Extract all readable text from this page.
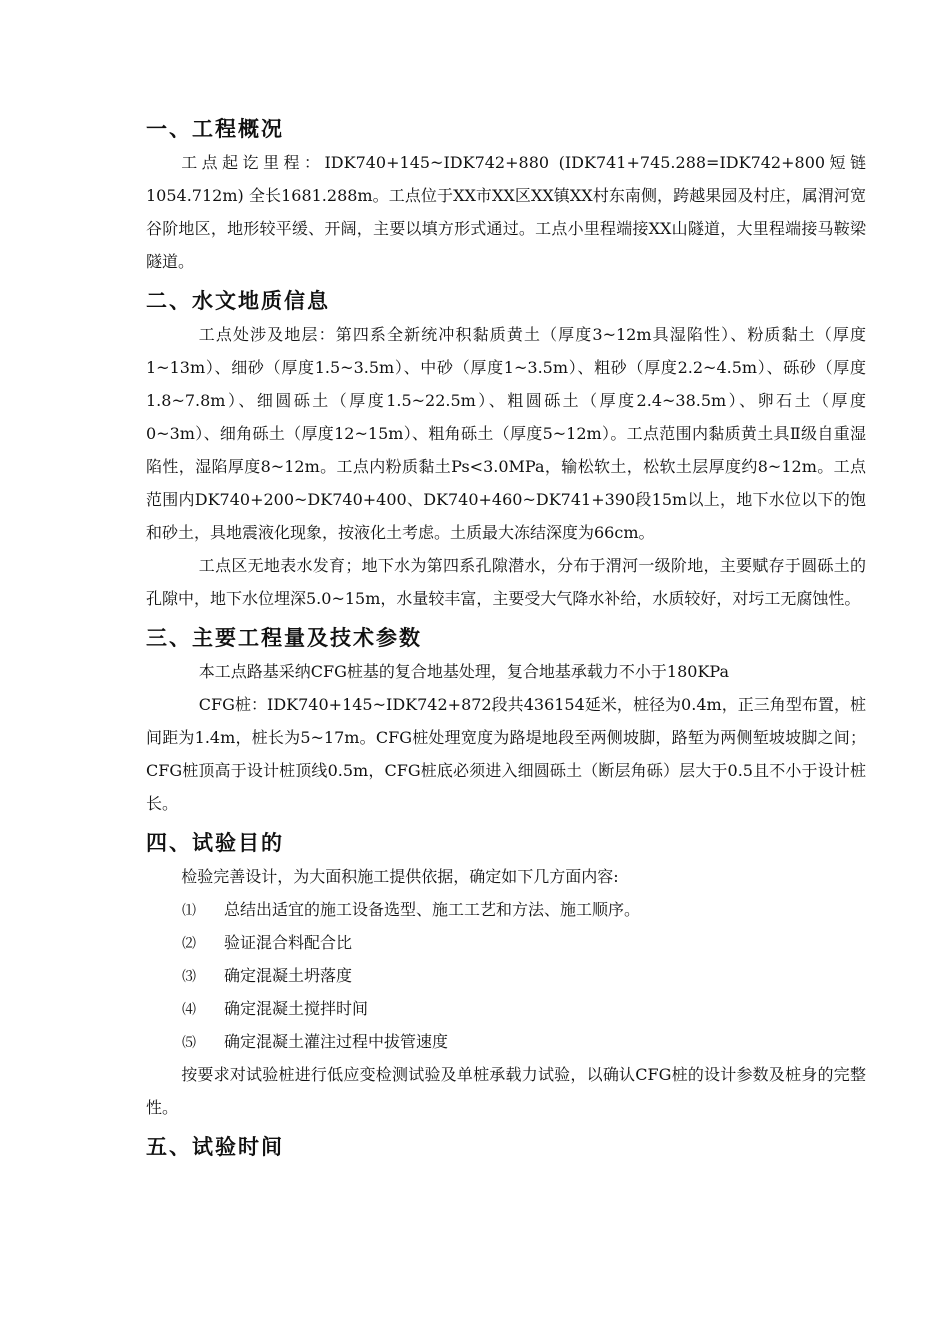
一、工程概况

工点起讫里程：IDK740+145~IDK742+880 (IDK741+745.288=IDK742+800短链1054.712m) 全长1681.288m。工点位于XX市XX区XX镇XX村东南侧，跨越果园及村庄，属渭河宽谷阶地区，地形较平缓、开阔，主要以填方形式通过。工点小里程端接XX山隧道，大里程端接马鞍梁隧道。

二、水文地质信息

工点处涉及地层：第四系全新统冲积黏质黄土（厚度3~12m具湿陷性）、粉质黏土（厚度1~13m）、细砂（厚度1.5~3.5m）、中砂（厚度1~3.5m）、粗砂（厚度2.2~4.5m）、砾砂（厚度1.8~7.8m）、细圆砾土（厚度1.5~22.5m）、粗圆砾土（厚度2.4~38.5m）、卵石土（厚度0~3m）、细角砾土（厚度12~15m）、粗角砾土（厚度5~12m）。工点范围内黏质黄土具Ⅱ级自重湿陷性，湿陷厚度8~12m。工点内粉质黏土Ps<3.0MPa，输松软土，松软土层厚度约8~12m。工点范围内DK740+200~DK740+400、DK740+460~DK741+390段15m以上，地下水位以下的饱和砂土，具地震液化现象，按液化土考虑。土质最大冻结深度为66cm。

工点区无地表水发育；地下水为第四系孔隙潜水，分布于渭河一级阶地，主要赋存于圆砾土的孔隙中，地下水位埋深5.0~15m，水量较丰富，主要受大气降水补给，水质较好，对圬工无腐蚀性。

三、主要工程量及技术参数

本工点路基采纳CFG桩基的复合地基处理，复合地基承载力不小于180KPa

CFG桩：IDK740+145~IDK742+872段共436154延米，桩径为0.4m，正三角型布置，桩间距为1.4m，桩长为5~17m。CFG桩处理宽度为路堤地段至两侧坡脚，路堑为两侧堑坡坡脚之间；CFG桩顶高于设计桩顶线0.5m，CFG桩底必须进入细圆砾土（断层角砾）层大于0.5且不小于设计桩长。

四、试验目的

检验完善设计，为大面积施工提供依据，确定如下几方面内容:

⑴ 总结出适宜的施工设备选型、施工工艺和方法、施工顺序。
⑵ 验证混合料配合比
⑶ 确定混凝土坍落度
⑷ 确定混凝土搅拌时间
⑸ 确定混凝土灌注过程中拔管速度

按要求对试验桩进行低应变检测试验及单桩承载力试验，以确认CFG桩的设计参数及桩身的完整性。

五、试验时间
